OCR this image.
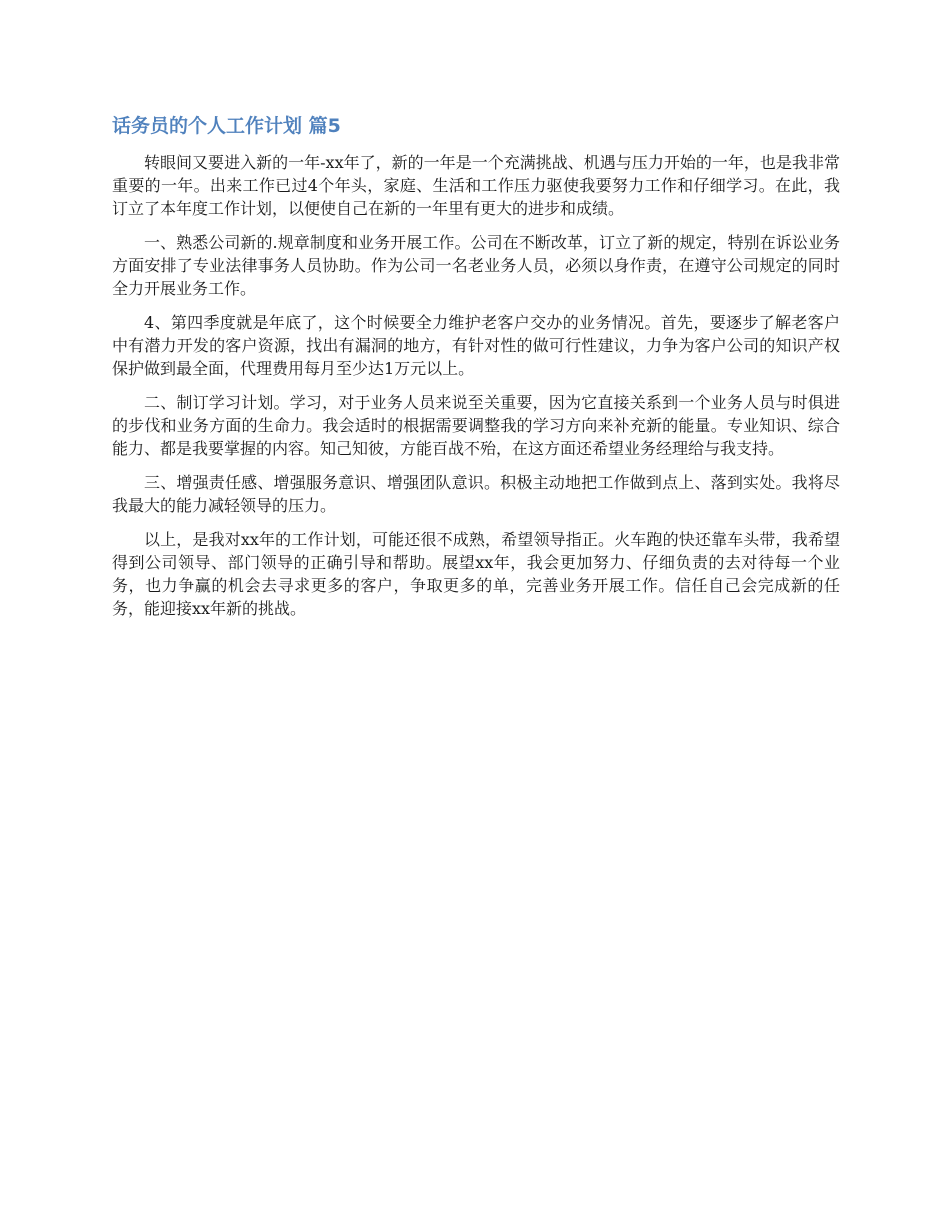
话务员的个人工作计划 篇5

转眼间又要进入新的一年-xx年了，新的一年是一个充满挑战、机遇与压力开始的一年，也是我非常重要的一年。出来工作已过4个年头，家庭、生活和工作压力驱使我要努力工作和仔细学习。在此，我订立了本年度工作计划，以便使自己在新的一年里有更大的进步和成绩。

一、熟悉公司新的.规章制度和业务开展工作。公司在不断改革，订立了新的规定，特别在诉讼业务方面安排了专业法律事务人员协助。作为公司一名老业务人员，必须以身作责，在遵守公司规定的同时全力开展业务工作。

4、第四季度就是年底了，这个时候要全力维护老客户交办的业务情况。首先，要逐步了解老客户中有潜力开发的客户资源，找出有漏洞的地方，有针对性的做可行性建议，力争为客户公司的知识产权保护做到最全面，代理费用每月至少达1万元以上。

二、制订学习计划。学习，对于业务人员来说至关重要，因为它直接关系到一个业务人员与时俱进的步伐和业务方面的生命力。我会适时的根据需要调整我的学习方向来补充新的能量。专业知识、综合能力、都是我要掌握的内容。知己知彼，方能百战不殆，在这方面还希望业务经理给与我支持。

三、增强责任感、增强服务意识、增强团队意识。积极主动地把工作做到点上、落到实处。我将尽我最大的能力减轻领导的压力。

以上，是我对xx年的工作计划，可能还很不成熟，希望领导指正。火车跑的快还靠车头带，我希望得到公司领导、部门领导的正确引导和帮助。展望xx年，我会更加努力、仔细负责的去对待每一个业务，也力争赢的机会去寻求更多的客户，争取更多的单，完善业务开展工作。信任自己会完成新的任务，能迎接xx年新的挑战。
